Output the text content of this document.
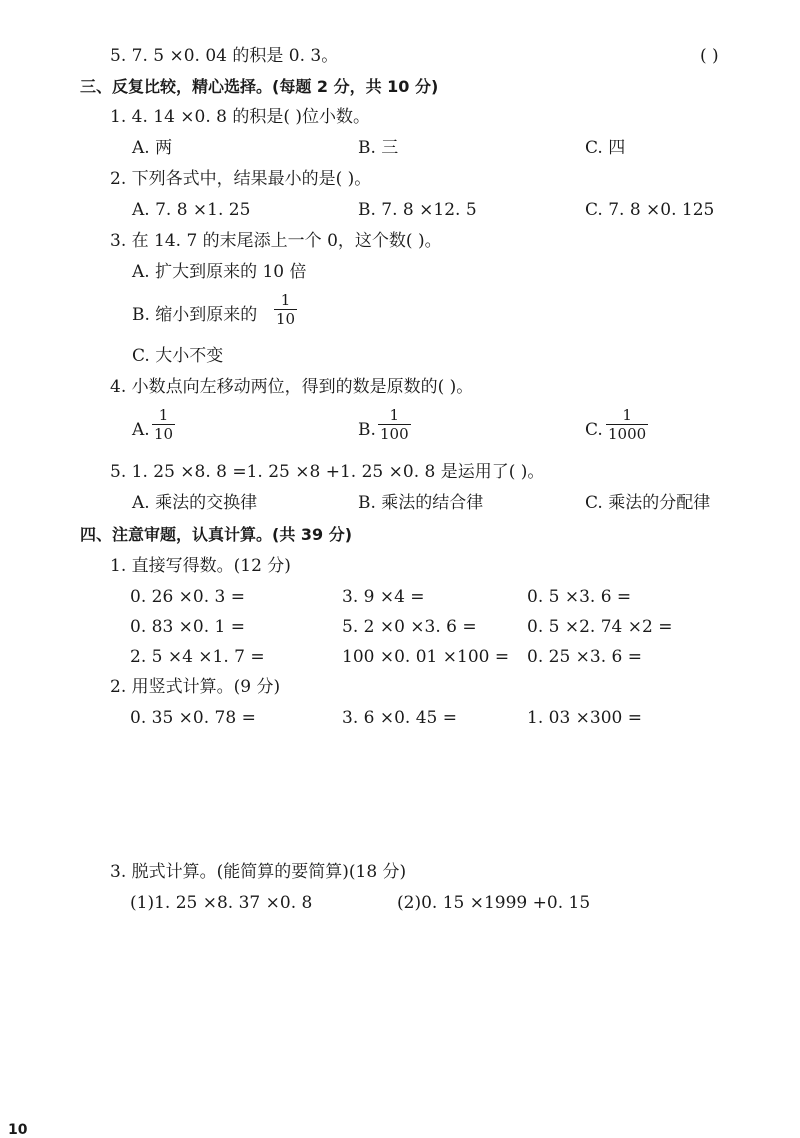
5. 7. 5 ×0. 04 的积是 0. 3。	( )
三、反复比较，精心选择。(每题 2 分，共 10 分)
1. 4. 14 ×0. 8 的积是( )位小数。
A. 两	B. 三	C. 四
2. 下列各式中，结果最小的是( )。
A. 7. 8 ×1. 25	B. 7. 8 ×12. 5	C. 7. 8 ×0. 125
3. 在 14. 7 的末尾添上一个 0，这个数( )。
A. 扩大到原来的 10 倍
B. 缩小到原来的 $\frac{1}{10}$
C. 大小不变
4. 小数点向左移动两位，得到的数是原数的( )。
A. $\frac{1}{10}$	B. $\frac{1}{100}$	C. $\frac{1}{1000}$
5. 1. 25 ×8. 8 =1. 25 ×8 +1. 25 ×0. 8 是运用了( )。
A. 乘法的交换律	B. 乘法的结合律	C. 乘法的分配律
四、注意审题，认真计算。(共 39 分)
1. 直接写得数。(12 分)
0. 26 ×0. 3 =	3. 9 ×4 =	0. 5 ×3. 6 =
0. 83 ×0. 1 =	5. 2 ×0 ×3. 6 =	0. 5 ×2. 74 ×2 =
2. 5 ×4 ×1. 7 =	100 ×0. 01 ×100 = 0. 25 ×3. 6 =
2. 用竖式计算。(9 分)
0. 35 ×0. 78 =	3. 6 ×0. 45 =	1. 03 ×300 =
3. 脱式计算。(能简算的要简算)(18 分)
(1)1. 25 ×8. 37 ×0. 8	(2)0. 15 ×1999 +0. 15
10
